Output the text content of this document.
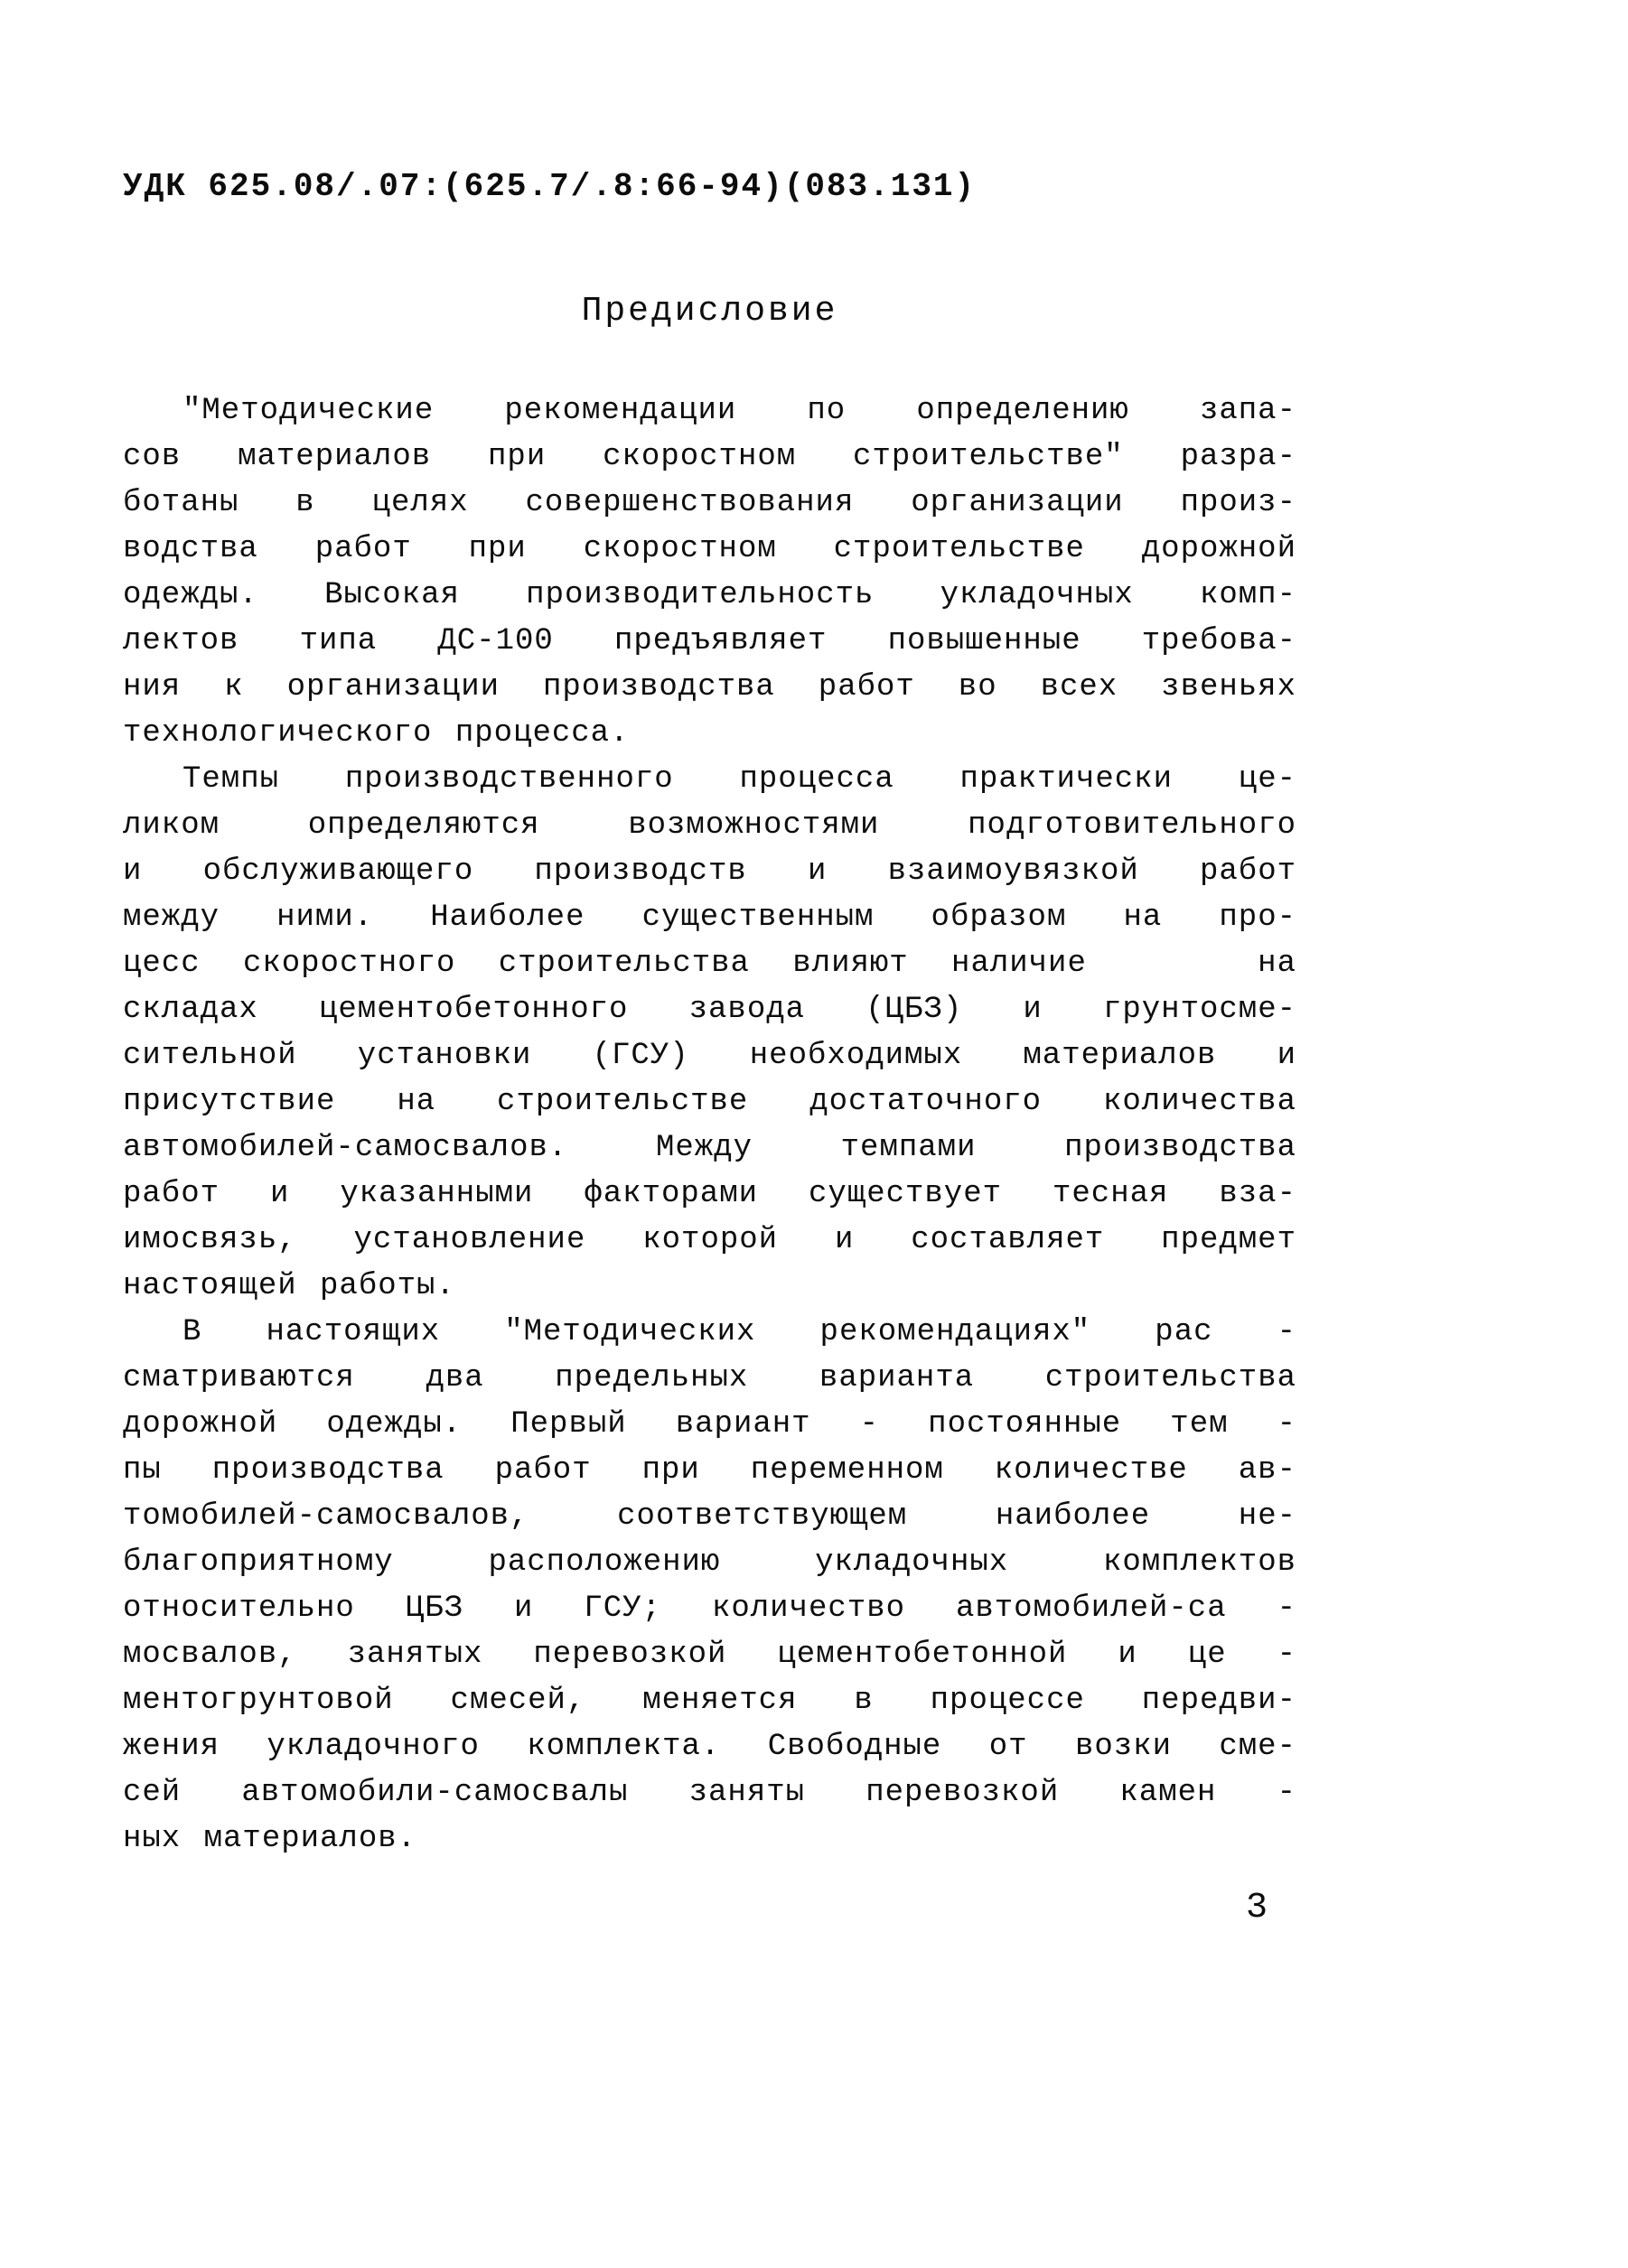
УДК 625.08/.07:(625.7/.8:66-94)(083.131)
Предисловие
″Методические рекомендации по определению запа-
сов материалов при скоростном строительстве″ разра-
ботаны в целях совершенствования организации произ-
водства работ при скоростном строительстве дорожной
одежды. Высокая производительность укладочных комп-
лектов типа ДС-100 предъявляет повышенные требова-
ния к организации производства работ во всех звеньях
технологического процесса.
Темпы производственного процесса практически це-
ликом определяются возможностями подготовительного
и обслуживающего производств и взаимоувязкой работ
между ними. Наиболее существенным образом на про-
цесс скоростного строительства влияют наличие    на
складах цементобетонного завода (ЦБЗ) и грунтосме-
сительной установки (ГСУ) необходимых материалов и
присутствие на строительстве достаточного количества
автомобилей-самосвалов. Между темпами производства
работ и указанными факторами существует тесная вза-
имосвязь, установление которой и составляет предмет
настоящей работы.
В настоящих ″Методических рекомендациях″ рас -
сматриваются два предельных варианта строительства
дорожной одежды. Первый вариант - постоянные тем -
пы производства работ при переменном количестве ав-
томобилей-самосвалов, соответствующем наиболее не-
благоприятному расположению укладочных комплектов
относительно ЦБЗ и ГСУ; количество автомобилей-са -
мосвалов, занятых перевозкой цементобетонной и це -
ментогрунтовой смесей, меняется в процессе передви-
жения укладочного комплекта. Свободные от возки сме-
сей автомобили-самосвалы заняты перевозкой камен -
ных материалов.
3
